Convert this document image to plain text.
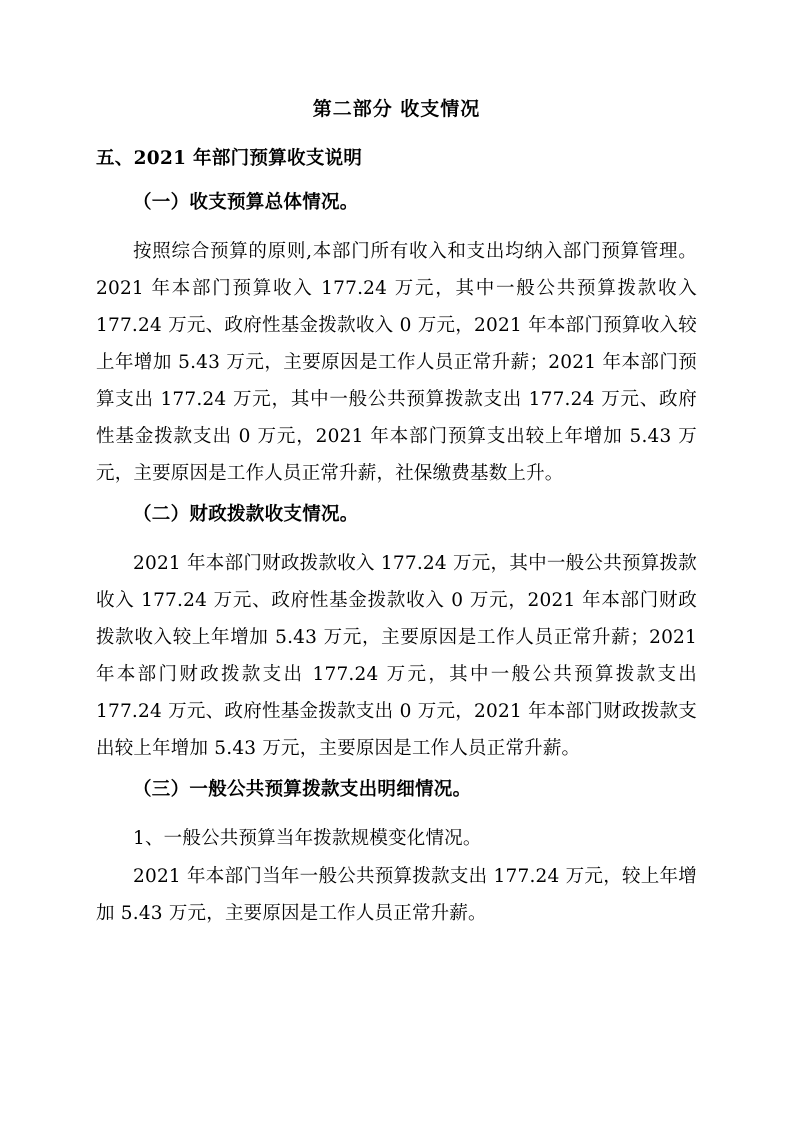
第二部分 收支情况
五、2021 年部门预算收支说明
（一）收支预算总体情况。
按照综合预算的原则,本部门所有收入和支出均纳入部门预算管理。2021 年本部门预算收入 177.24 万元，其中一般公共预算拨款收入 177.24 万元、政府性基金拨款收入 0 万元，2021 年本部门预算收入较上年增加 5.43 万元，主要原因是工作人员正常升薪；2021 年本部门预算支出 177.24 万元，其中一般公共预算拨款支出 177.24 万元、政府性基金拨款支出 0 万元，2021 年本部门预算支出较上年增加 5.43 万元，主要原因是工作人员正常升薪，社保缴费基数上升。
（二）财政拨款收支情况。
2021 年本部门财政拨款收入 177.24 万元，其中一般公共预算拨款收入 177.24 万元、政府性基金拨款收入 0 万元，2021 年本部门财政拨款收入较上年增加 5.43 万元，主要原因是工作人员正常升薪；2021 年本部门财政拨款支出 177.24 万元，其中一般公共预算拨款支出 177.24 万元、政府性基金拨款支出 0 万元，2021 年本部门财政拨款支出较上年增加 5.43 万元，主要原因是工作人员正常升薪。
（三）一般公共预算拨款支出明细情况。
1、一般公共预算当年拨款规模变化情况。
2021 年本部门当年一般公共预算拨款支出 177.24 万元，较上年增加 5.43 万元，主要原因是工作人员正常升薪。
